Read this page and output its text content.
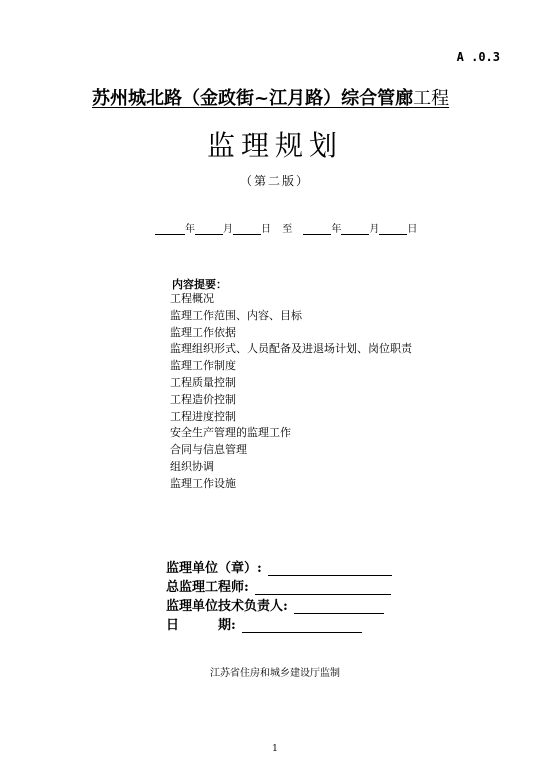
A .0.3
苏州城北路（金政街~江月路）综合管廊工程
监理规划
（第二版）
年	月	日 至	年	月	日
内容提要：
工程概况
监理工作范围、内容、目标
监理工作依据
监理组织形式、人员配备及进退场计划、岗位职责
监理工作制度
工程质量控制
工程造价控制
工程进度控制
安全生产管理的监理工作
合同与信息管理
组织协调
监理工作设施
监理单位（章）:
总监理工程师:
监理单位技术负责人:
日　　　期:
江苏省住房和城乡建设厅监制
1
